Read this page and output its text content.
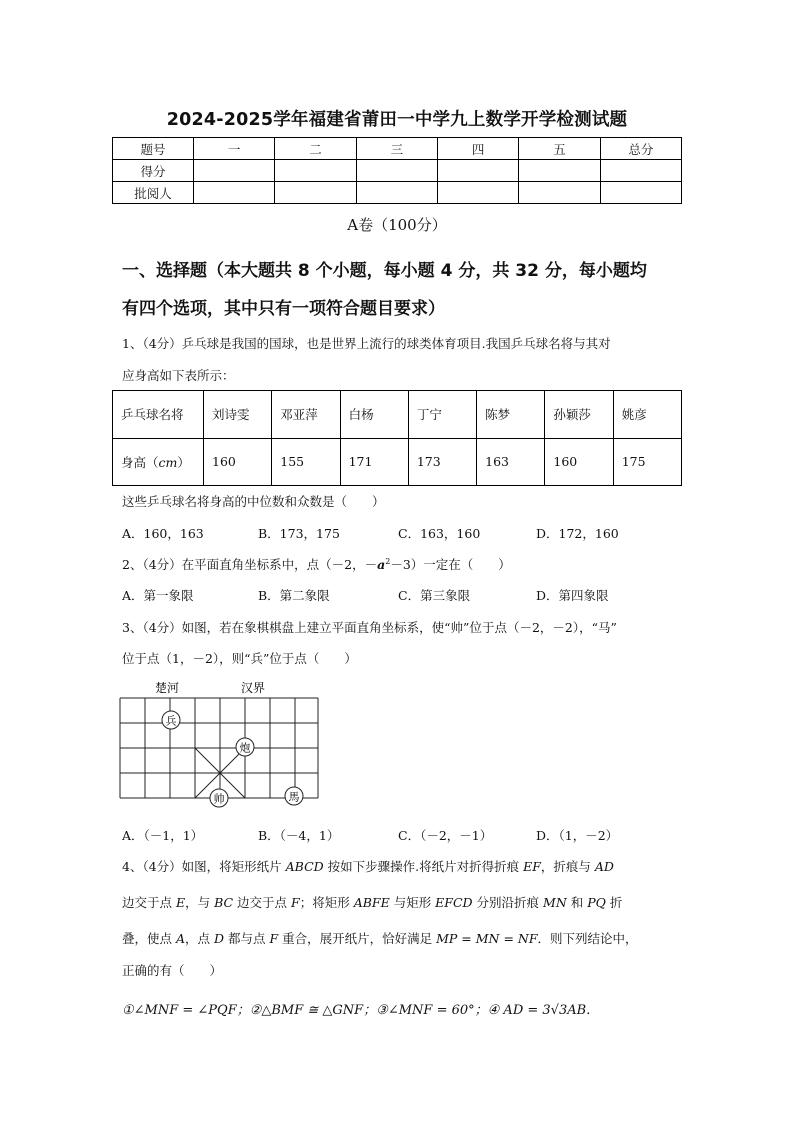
2024-2025学年福建省莆田一中学九上数学开学检测试题
题号	一	二	三	四	五	总分
得分						
批阅人						
A卷（100分）
一、选择题（本大题共 8 个小题，每小题 4 分，共 32 分，每小题均
有四个选项，其中只有一项符合题目要求）
1、（4分）乒乓球是我国的国球，也是世界上流行的球类体育项目.我国乒乓球名将与其对
应身高如下表所示：
乒乓球名将	刘诗雯	邓亚萍	白杨	丁宁	陈梦	孙颖莎	姚彦
身高（cm）	160	155	171	173	163	160	175
这些乒乓球名将身高的中位数和众数是（　　）
A．160，163	B．173，175	C．163，160	D．172，160
2、（4分）在平面直角坐标系中，点（－2，$-a^2-3$）一定在（　　）
A．第一象限	B．第二象限	C．第三象限	D．第四象限
3、（4分）如图，若在象棋棋盘上建立平面直角坐标系，使“帅”位于点（－2，－2），“马”
位于点（1，－2），则“兵”位于点（　　）
楚河	汉界
兵
炮
帅	馬
A．（－1，1）	B．（－4，1）	C．（－2，－1）	D．（1，－2）
4、（4分）如图，将矩形纸片 ABCD 按如下步骤操作.将纸片对折得折痕 EF，折痕与 AD
边交于点 E，与 BC 边交于点 F；将矩形 ABFE 与矩形 EFCD 分别沿折痕 MN 和 PQ 折
叠，使点 A，点 D 都与点 F 重合，展开纸片，恰好满足 MP = MN = NF．则下列结论中，
正确的有（　　）
①∠MNF = ∠PQF；②△BMF ≅ △GNF；③∠MNF = 60°；④ AD = 3√3AB．
